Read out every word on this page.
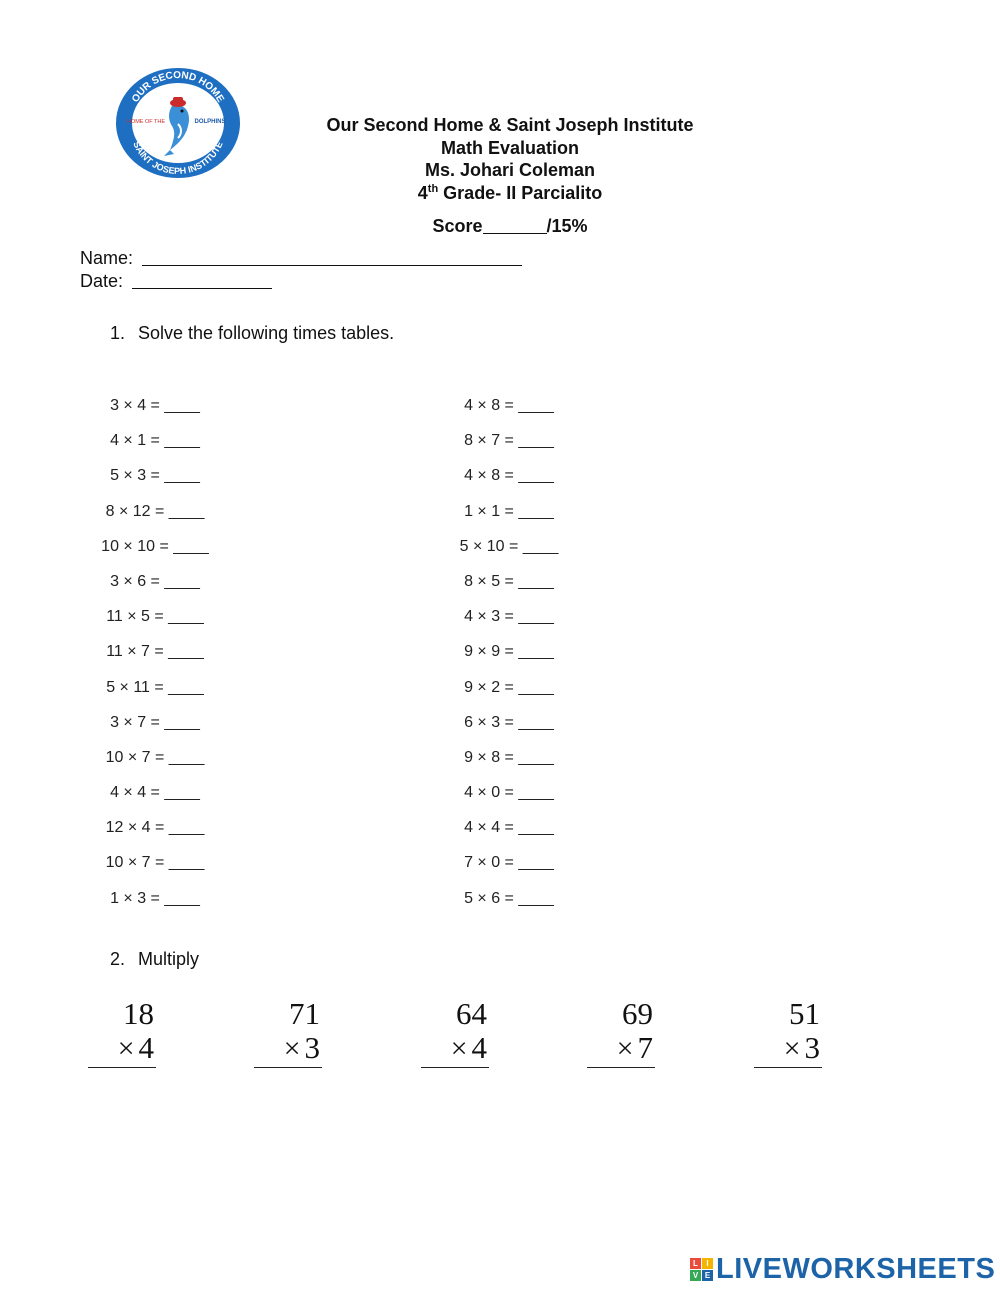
OUR SECOND HOME
SAINT JOSEPH INSTITUTE
HOME OF THE	DOLPHINS	Our Second Home & Saint Joseph Institute
Math Evaluation
Ms. Johari Coleman
4th Grade- II Parcialito
Score	/15%
Name:
Date:
1. Solve the following times tables.
3 × 4 = ____
4 × 1 = ____
5 × 3 = ____
8 × 12 = ____
10 × 10 = ____
3 × 6 = ____
11 × 5 = ____
11 × 7 = ____
5 × 11 = ____
3 × 7 = ____
10 × 7 = ____
4 × 4 = ____
12 × 4 = ____
10 × 7 = ____
1 × 3 = ____
4 × 8 = ____
8 × 7 = ____
4 × 8 = ____
1 × 1 = ____
5 × 10 = ____
8 × 5 = ____
4 × 3 = ____
9 × 9 = ____
9 × 2 = ____
6 × 3 = ____
9 × 8 = ____
4 × 0 = ____
4 × 4 = ____
7 × 0 = ____
5 × 6 = ____
2. Multiply
18
× 4
71
× 3
64
× 4
69
× 7
51
× 3
L	I
V E LIVEWORKSHEETS
